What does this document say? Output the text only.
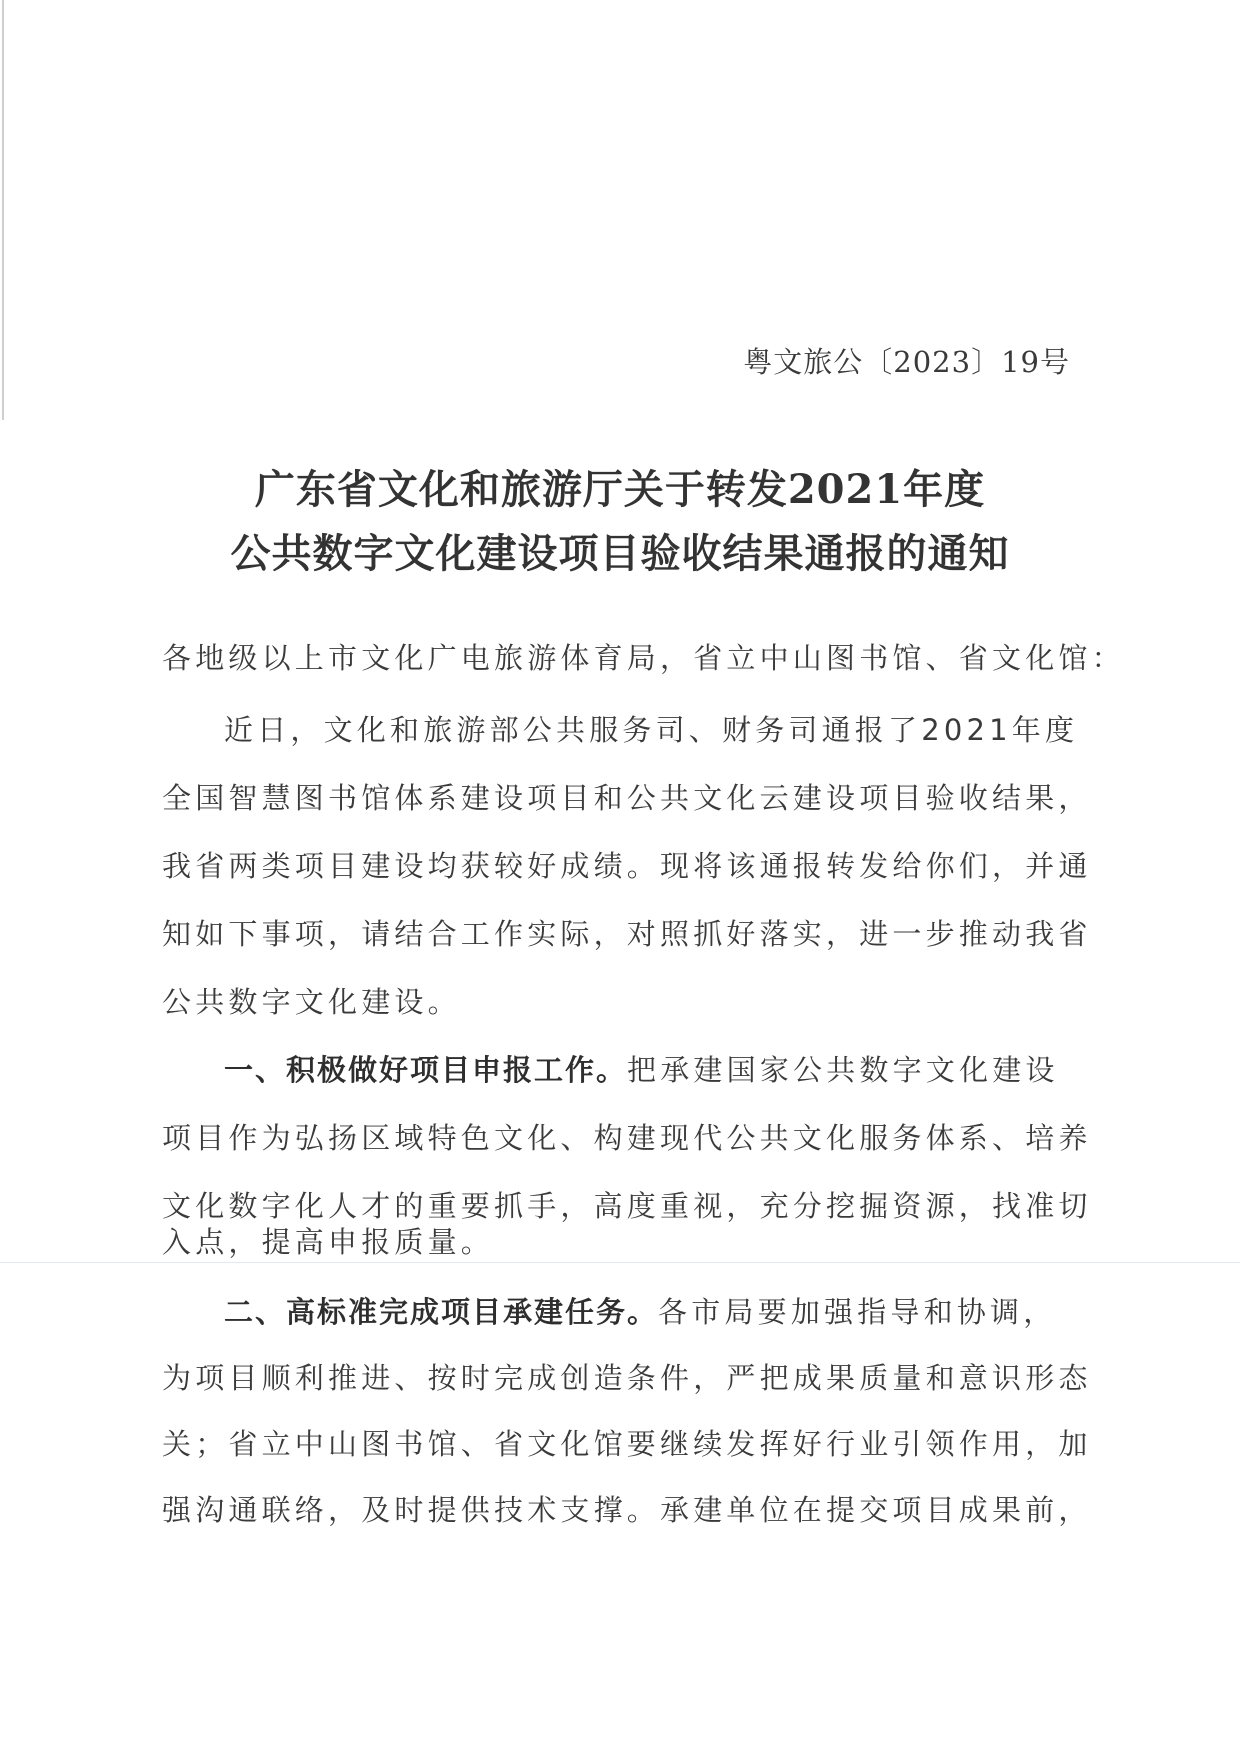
粤文旅公〔2023〕19号
广东省文化和旅游厅关于转发2021年度
公共数字文化建设项目验收结果通报的通知
各地级以上市文化广电旅游体育局，省立中山图书馆、省文化馆：
近日，文化和旅游部公共服务司、财务司通报了2021年度
全国智慧图书馆体系建设项目和公共文化云建设项目验收结果，
我省两类项目建设均获较好成绩。现将该通报转发给你们，并通
知如下事项，请结合工作实际，对照抓好落实，进一步推动我省
公共数字文化建设。
一、积极做好项目申报工作。把承建国家公共数字文化建设
项目作为弘扬区域特色文化、构建现代公共文化服务体系、培养
文化数字化人才的重要抓手，高度重视，充分挖掘资源，找准切
入点，提高申报质量。
二、高标准完成项目承建任务。各市局要加强指导和协调，
为项目顺利推进、按时完成创造条件，严把成果质量和意识形态
关；省立中山图书馆、省文化馆要继续发挥好行业引领作用，加
强沟通联络，及时提供技术支撑。承建单位在提交项目成果前，
